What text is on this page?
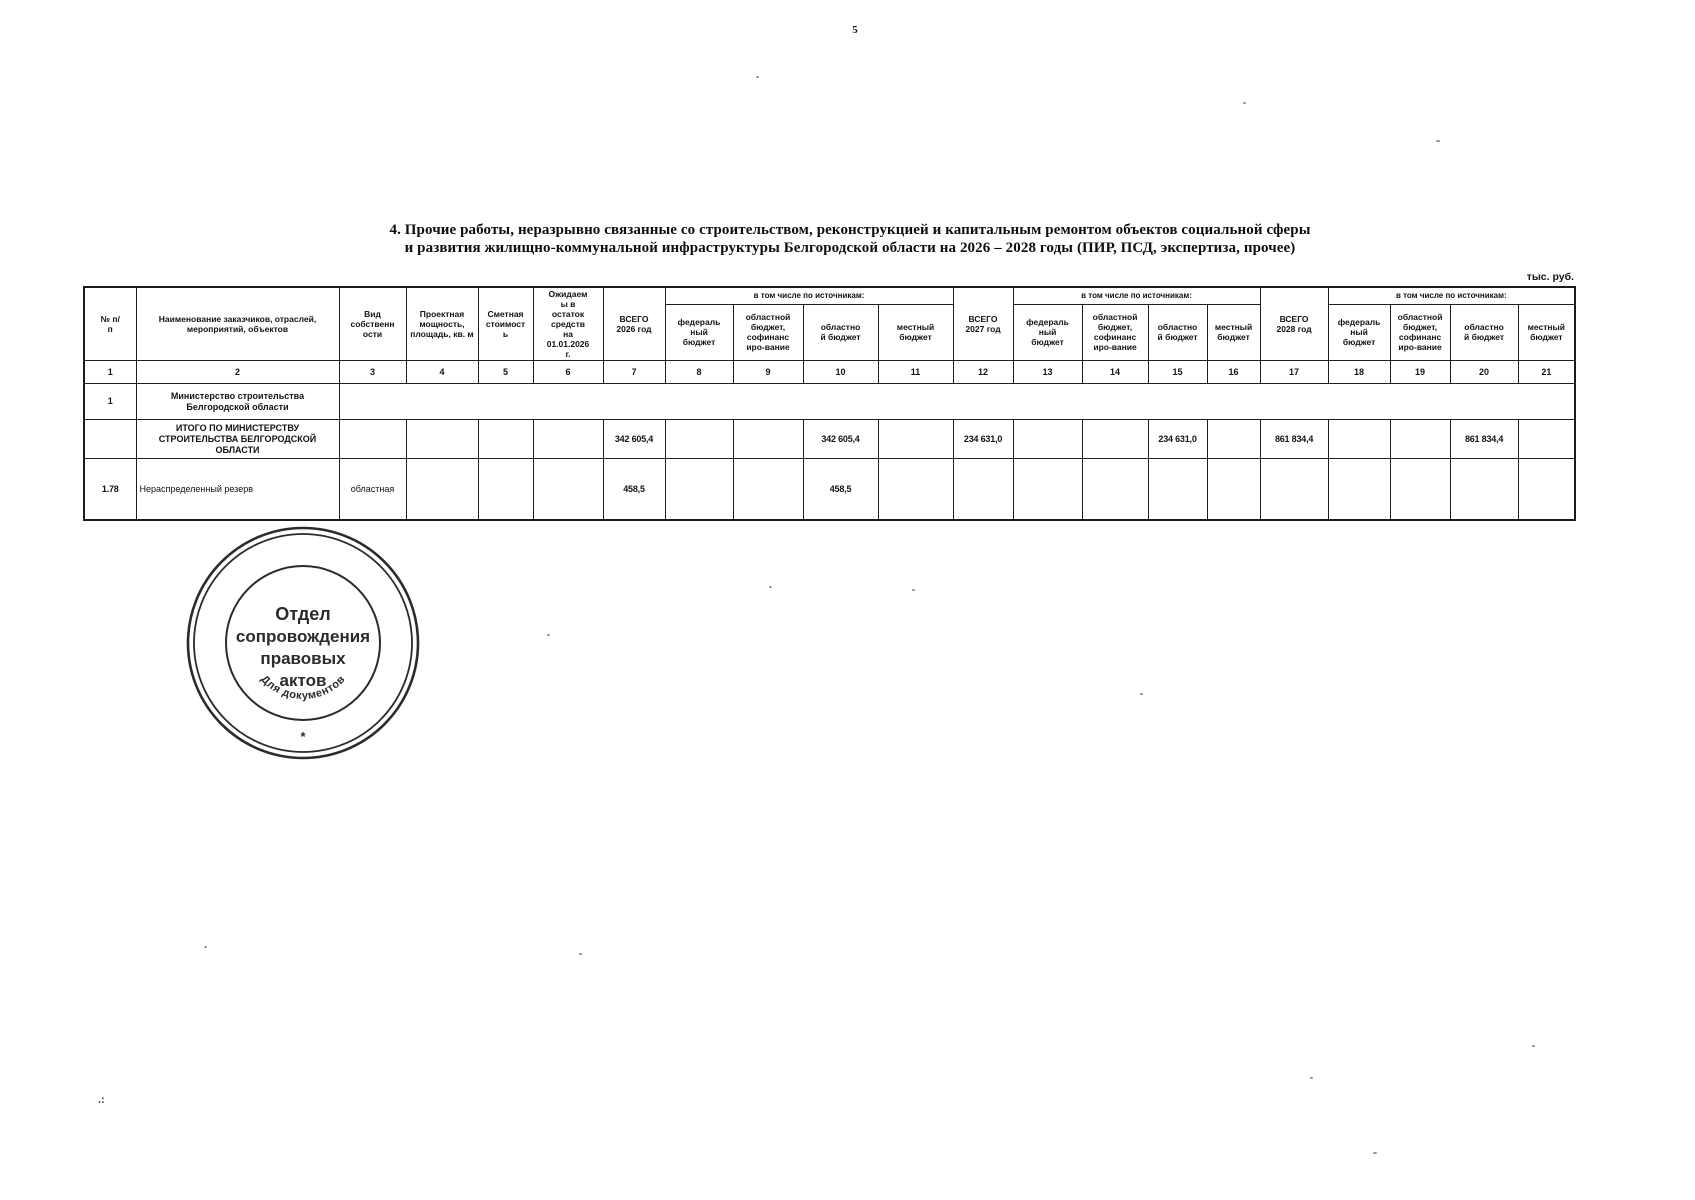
5
4. Прочие работы, неразрывно связанные со строительством, реконструкцией и капитальным ремонтом объектов социальной сферы
и развития жилищно-коммунальной инфраструктуры Белгородской области на 2026 – 2028 годы (ПИР, ПСД, экспертиза, прочее)
тыс. руб.
№ п/п	Наименование заказчиков, отраслей, мероприятий, объектов	Вид собственности	Проектная мощность, площадь, кв. м	Сметная стоимость	Ожидаемы в остаток средств на 01.01.2026 г.	ВСЕГО 2026 год	в том числе по источникам:				ВСЕГО 2027 год	в том числе по источникам:				ВСЕГО 2028 год	в том числе по источникам:			
							федеральный бюджет	областной бюджет, софинансиро-вание	областной бюджет	местный бюджет		федеральный бюджет	областной бюджет, софинансиро-вание	областной бюджет	местный бюджет		федеральный бюджет	областной бюджет, софинансиро-вание	областной бюджет	местный бюджет
1	2	3	4	5	6	7	8	9	10	11	12	13	14	15	16	17	18	19	20	21
1	Министерство строительства Белгородской области																			
	ИТОГО ПО МИНИСТЕРСТВУ СТРОИТЕЛЬСТВА БЕЛГОРОДСКОЙ ОБЛАСТИ					342 605,4			342 605,4		234 631,0			234 631,0		861 834,4			861 834,4	
1.78	Нераспределенный резерв	областная				458,5			458,5											
Отдел
сопровождения
правовых
актов
Для документов
*
.:
